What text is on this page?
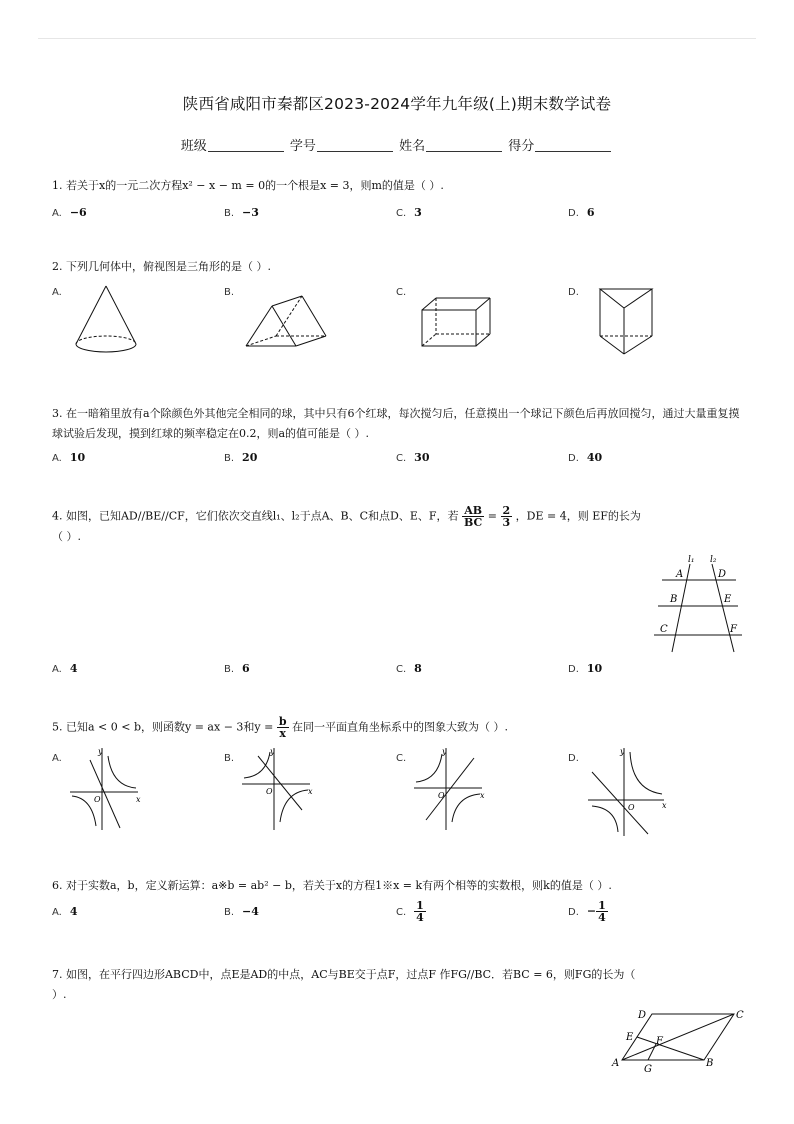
陕西省咸阳市秦都区2023-2024学年九年级(上)期末数学试卷
班级	学号	姓名	得分
1. 若关于x的一元二次方程x² − x − m = 0的一个根是x = 3，则m的值是（ ）.
A. −6	B. −3	C. 3	D. 6
2. 下列几何体中，俯视图是三角形的是（ ）.
A.	B.	C.	D.
3. 在一暗箱里放有a个除颜色外其他完全相同的球，其中只有6个红球，每次搅匀后，任意摸出一个球记下颜色后再放回搅匀，通过大量重复摸球试验后发现，摸到红球的频率稳定在0.2，则a的值可能是（ ）.
A. 10	B. 20	C. 30	D. 40
4. 如图，已知AD//BE//CF，它们依次交直线l₁、l₂于点A、B、C和点D、E、F，若 $\frac{AB}{BC} = \frac{2}{3}$ ，DE = 4，则 EF的长为
（ ）.
l₁ l₂
A	D
B	E
C	F
A. 4	B. 6	C. 8	D. 10
5. 已知a < 0 < b，则函数y = ax − 3和$y = \frac{b}{x}$ 在同一平面直角坐标系中的图象大致为（ ）.
A.	B.	C.	D.
y
x
O
y
x
O
y
x
O
y
x
O
6. 对于实数a，b，定义新运算：a※b = ab² − b，若关于x的方程1※x = k有两个相等的实数根，则k的值是（ ）.
A. 4	B. −4	C. $\frac{1}{4}$	D. − $\frac{1}{4}$
7. 如图，在平行四边形ABCD中，点E是AD的中点，AC与BE交于点F，过点F 作FG//BC．若BC = 6，则FG的长为（
）.
D	C
E F
A	B
G
